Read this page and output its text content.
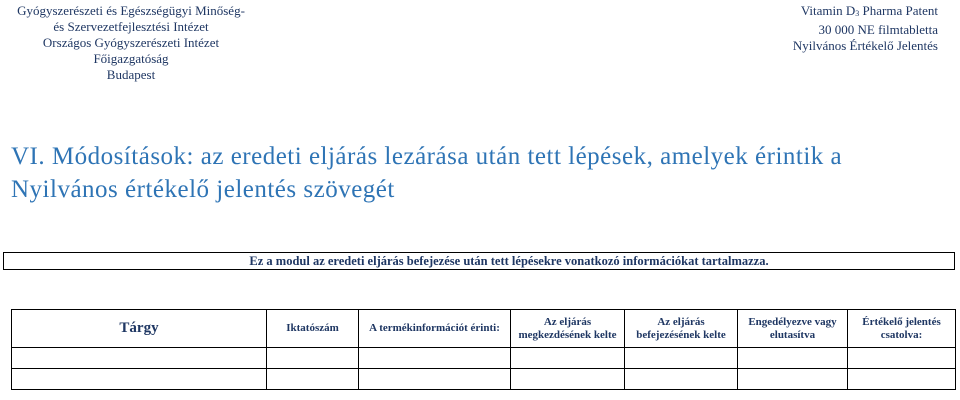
Gyógyszerészeti és Egészségügyi Minőség-
és Szervezetfejlesztési Intézet
Országos Gyógyszerészeti Intézet
Főigazgatóság
Budapest
Vitamin $D_3$ Pharma Patent
30 000 NE filmtabletta
Nyilvános Értékelő Jelentés
VI. Módosítások: az eredeti eljárás lezárása után tett lépések, amelyek érintik a Nyilvános értékelő jelentés szövegét
Ez a modul az eredeti eljárás befejezése után tett lépésekre vonatkozó információkat tartalmazza.
Tárgy	Iktatószám	A termékinformációt érinti:	Az eljárás megkezdésének kelte	Az eljárás befejezésének kelte	Engedélyezve vagy elutasítva	Értékelő jelentés csatolva:
